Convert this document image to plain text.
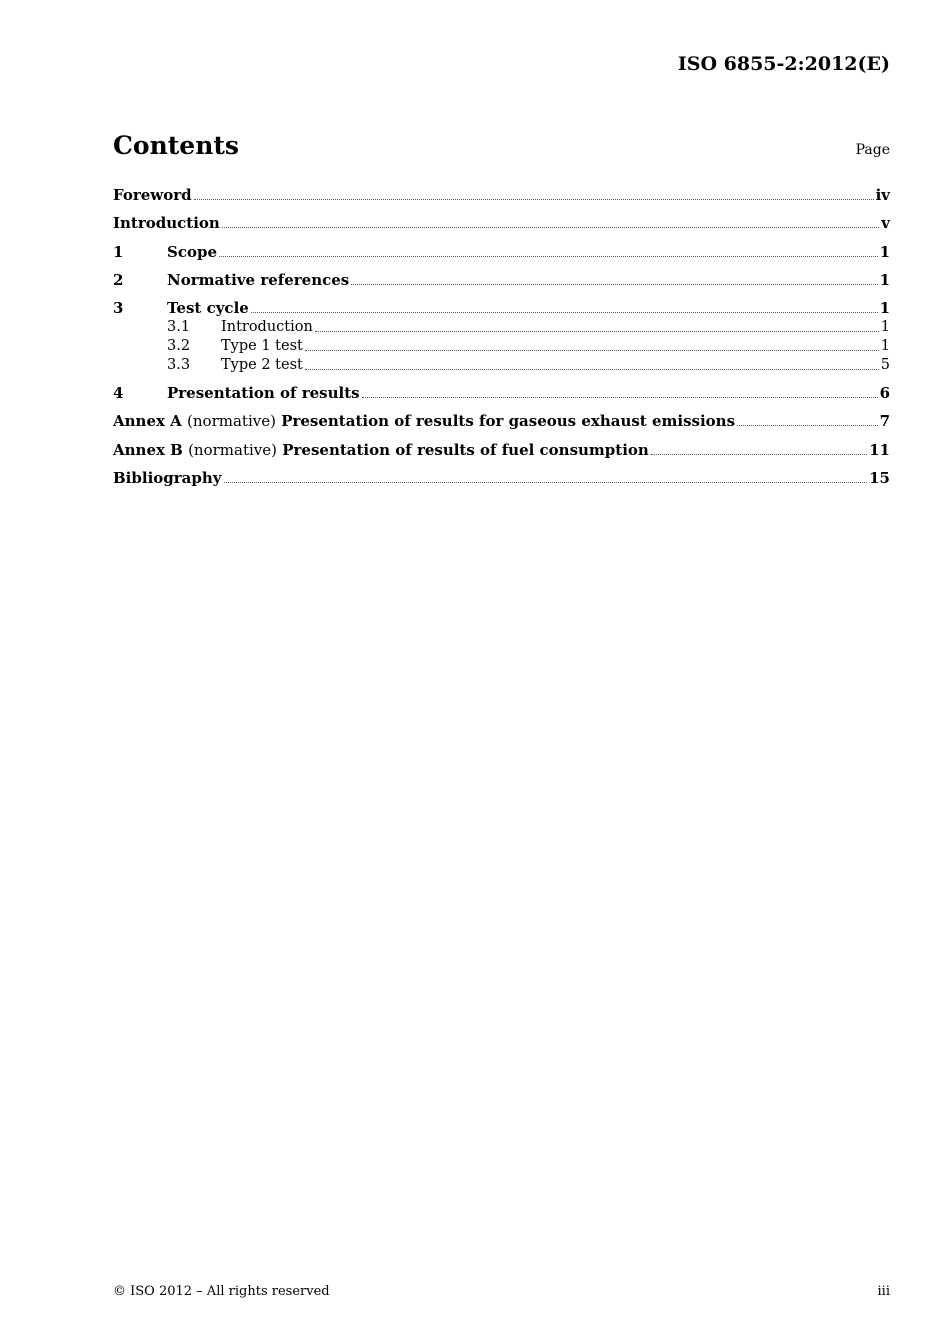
ISO 6855-2:2012(E)
Contents	Page
Foreword	iv
Introduction	v
1	Scope	1
2	Normative references	1
3	Test cycle	1
3.1	Introduction	1
3.2	Type 1 test	1
3.3	Type 2 test	5
4	Presentation of results	6
Annex A (normative) Presentation of results for gaseous exhaust emissions	7
Annex B (normative) Presentation of results of fuel consumption	11
Bibliography	15
© ISO 2012 – All rights reserved	iii
